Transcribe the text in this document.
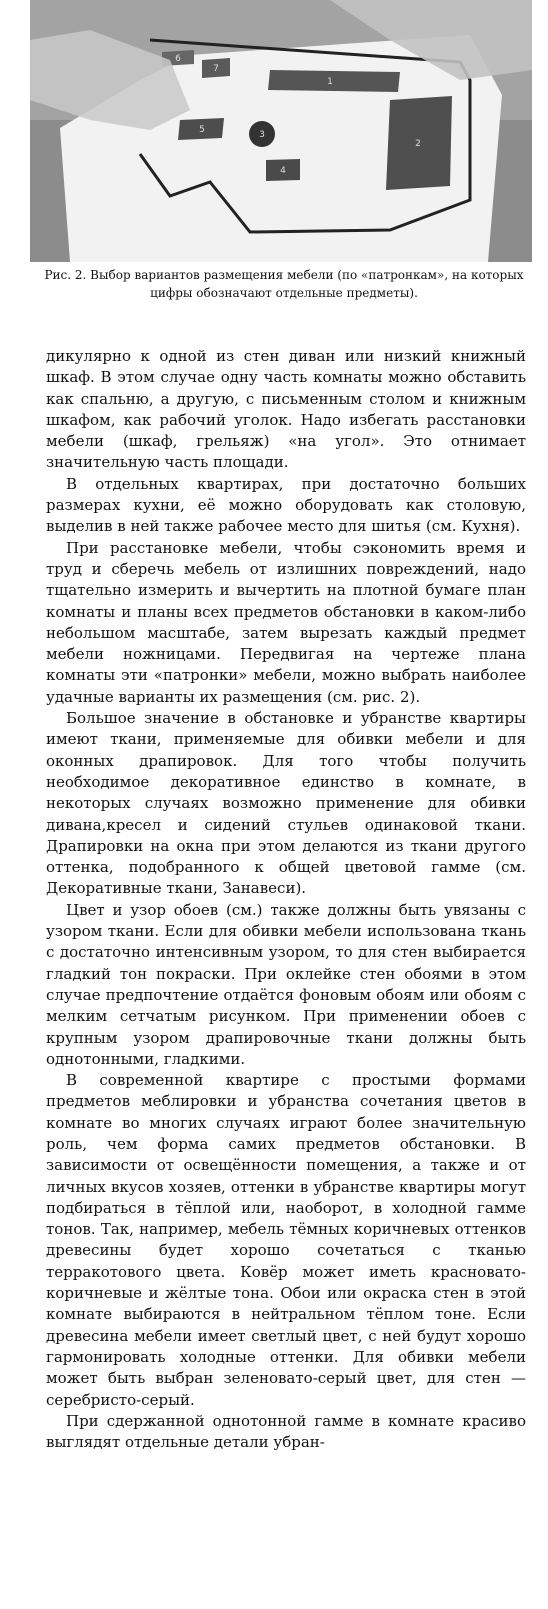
1
2
3
4
5
6
7
Рис. 2. Выбор вариантов размещения мебели (по «патронкам», на которых цифры обозначают отдельные предметы).

дикулярно к одной из стен диван или низкий книжный шкаф. В этом случае одну часть комнаты можно обставить как спальню, а другую, с письменным столом и книжным шкафом, как рабочий уголок. Надо избегать расстановки мебели (шкаф, грельяж) «на угол». Это отнимает значительную часть площади.

В отдельных квартирах, при достаточно больших размерах кухни, её можно оборудовать как столовую, выделив в ней также рабочее место для шитья (см. Кухня).

При расстановке мебели, чтобы сэкономить время и труд и сберечь мебель от излишних повреждений, надо тщательно измерить и вычертить на плотной бумаге план комнаты и планы всех предметов обстановки в каком-либо небольшом масштабе, затем вырезать каждый предмет мебели ножницами. Передвигая на чертеже плана комнаты эти «патронки» мебели, можно выбрать наиболее удачные варианты их размещения (см. рис. 2).

Большое значение в обстановке и убранстве квартиры имеют ткани, применяемые для обивки мебели и для оконных драпировок. Для того чтобы получить необходимое декоративное единство в комнате, в некоторых случаях возможно применение для обивки дивана,кресел и сидений стульев одинаковой ткани. Драпировки на окна при этом делаются из ткани другого оттенка, подобранного к общей цветовой гамме (см. Декоративные ткани, Занавеси).

Цвет и узор обоев (см.) также должны быть увязаны с узором ткани. Если для обивки мебели использована ткань с достаточно интенсивным узором, то для стен выбирается гладкий тон покраски. При оклейке стен обоями в этом случае предпочтение отдаётся фоновым обоям или обоям с мелким сетчатым рисунком. При применении обоев с крупным узором драпировочные ткани должны быть однотонными, гладкими.

В современной квартире с простыми формами предметов меблировки и убранства сочетания цветов в комнате во многих случаях играют более значительную роль, чем форма самих предметов обстановки. В зависимости от освещённости помещения, а также и от личных вкусов хозяев, оттенки в убранстве квартиры могут подбираться в тёплой или, наоборот, в холодной гамме тонов. Так, например, мебель тёмных коричневых оттенков древесины будет хорошо сочетаться с тканью терракотового цвета. Ковёр может иметь красновато-коричневые и жёлтые тона. Обои или окраска стен в этой комнате выбираются в нейтральном тёплом тоне. Если древесина мебели имеет светлый цвет, с ней будут хорошо гармонировать холодные оттенки. Для обивки мебели может быть выбран зеленовато-серый цвет, для стен — серебристо-серый.

При сдержанной однотонной гамме в комнате красиво выглядят отдельные детали убран-
